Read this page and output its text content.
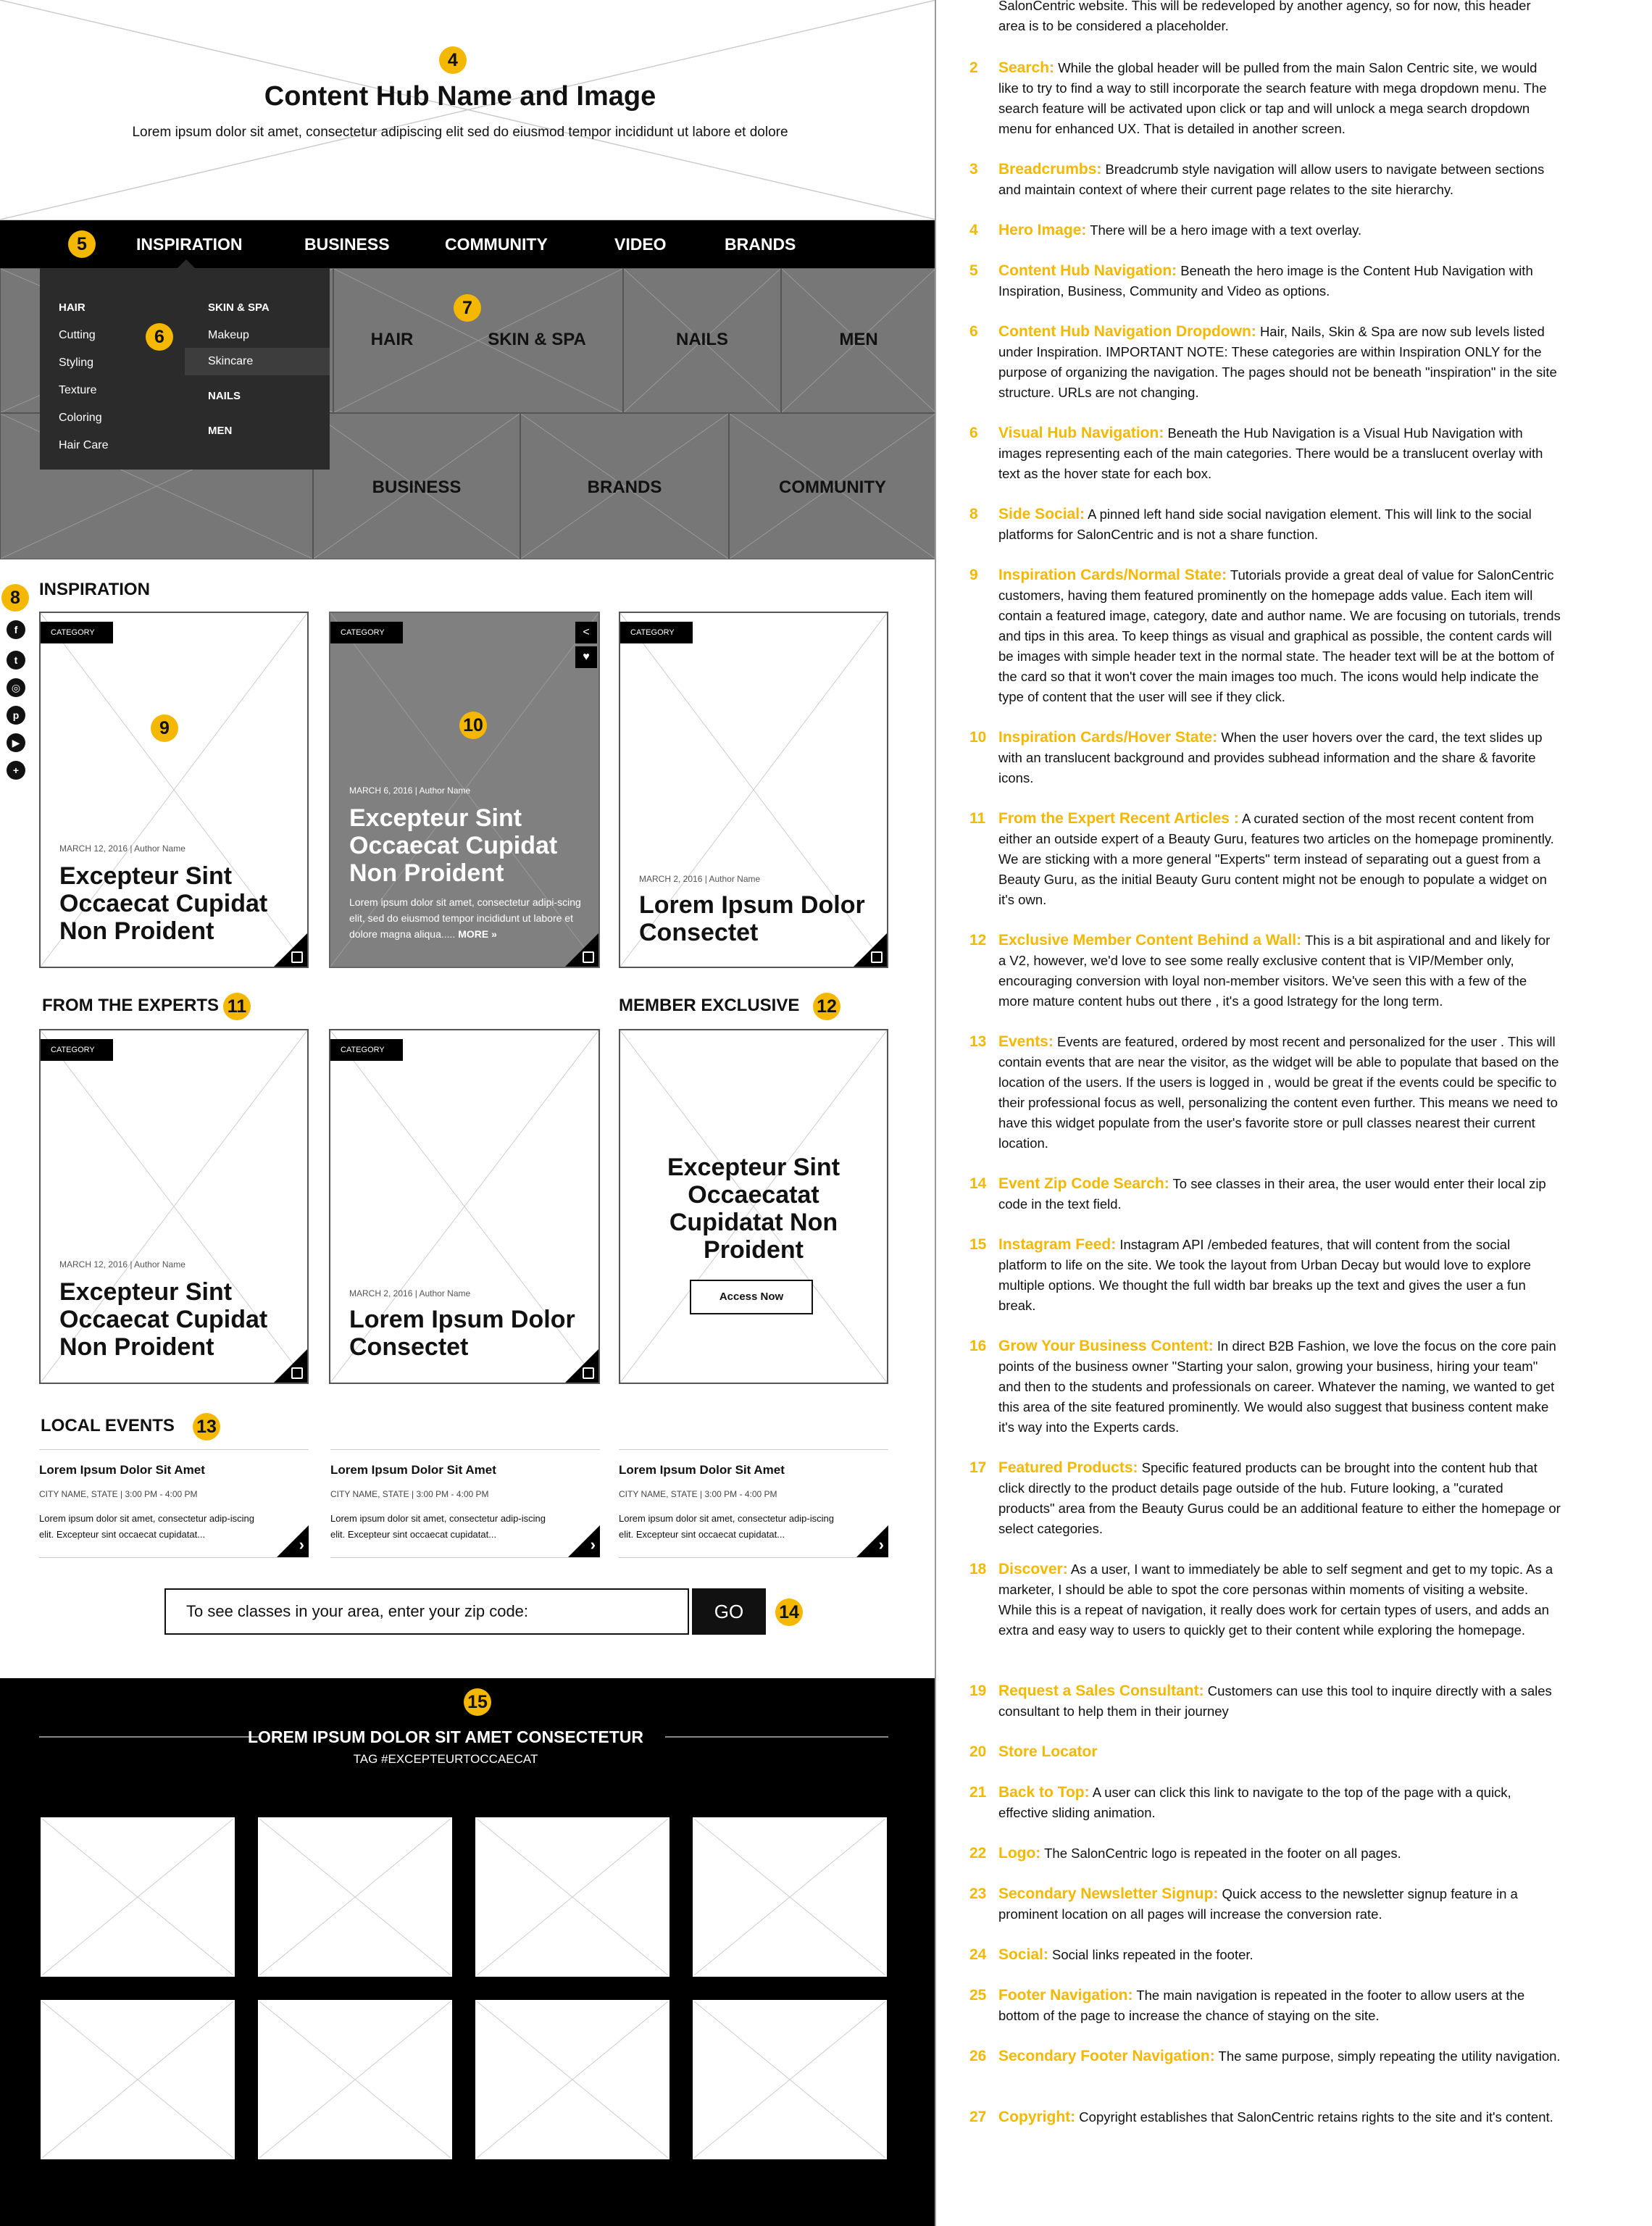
4
Content Hub Name and Image
Lorem ipsum dolor sit amet, consectetur adipiscing elit sed do eiusmod tempor incididunt ut labore et dolore
5	INSPIRATION	BUSINESS	COMMUNITY	VIDEO	BRANDS
HAIR	SKIN & SPA	NAILS	MEN
BUSINESS	BRANDS	COMMUNITY
7
HAIR
Cutting
Styling
Texture
Coloring
Hair Care
6
SKIN & SPA
Makeup
Skincare
NAILS
MEN
8
f
t
◎
p
▶
+
INSPIRATION
CATEGORY
9
MARCH 12, 2016 | Author Name
Excepteur Sint Occaecat Cupidat Non Proident
CATEGORY	<
♥
10
MARCH 6, 2016 | Author Name
Excepteur Sint Occaecat Cupidat Non Proident
Lorem ipsum dolor sit amet, consectetur adipi-scing elit, sed do eiusmod tempor incididunt ut labore et dolore magna aliqua..... MORE »
CATEGORY
MARCH 2, 2016 | Author Name
Lorem Ipsum Dolor Consectet
FROM THE EXPERTS 11	MEMBER EXCLUSIVE 12
CATEGORY
MARCH 12, 2016 | Author Name
Excepteur Sint Occaecat Cupidat Non Proident
CATEGORY
MARCH 2, 2016 | Author Name
Lorem Ipsum Dolor Consectet
Excepteur Sint Occaecatat Cupidatat Non Proident
Access Now
LOCAL EVENTS 13
Lorem Ipsum Dolor Sit Amet
CITY NAME, STATE | 3:00 PM - 4:00 PM
Lorem ipsum dolor sit amet, consectetur adip-iscing elit. Excepteur sint occaecat cupidatat...
›
Lorem Ipsum Dolor Sit Amet
CITY NAME, STATE | 3:00 PM - 4:00 PM
Lorem ipsum dolor sit amet, consectetur adip-iscing elit. Excepteur sint occaecat cupidatat...
›
Lorem Ipsum Dolor Sit Amet
CITY NAME, STATE | 3:00 PM - 4:00 PM
Lorem ipsum dolor sit amet, consectetur adip-iscing elit. Excepteur sint occaecat cupidatat...
›
To see classes in your area, enter your zip code:	GO	14
15
LOREM IPSUM DOLOR SIT AMET CONSECTETUR
TAG #EXCEPTEURTOCCAECAT
SalonCentric website. This will be redeveloped by another agency, so for now, this header area is to be considered a placeholder.
2	Search: While the global header will be pulled from the main Salon Centric site, we would like to try to find a way to still incorporate the search feature with mega dropdown menu. The search feature will be activated upon click or tap and will unlock a mega search dropdown menu for enhanced UX. That is detailed in another screen.
3	Breadcrumbs: Breadcrumb style navigation will allow users to navigate between sections and maintain context of where their current page relates to the site hierarchy.
4	Hero Image: There will be a hero image with a text overlay.
5	Content Hub Navigation: Beneath the hero image is the Content Hub Navigation with Inspiration, Business, Community and Video as options.
6	Content Hub Navigation Dropdown: Hair, Nails, Skin & Spa are now sub levels listed under Inspiration. IMPORTANT NOTE: These categories are within Inspiration ONLY for the purpose of organizing the navigation. The pages should not be beneath "inspiration" in the site structure. URLs are not changing.
6	Visual Hub Navigation: Beneath the Hub Navigation is a Visual Hub Navigation with images representing each of the main categories. There would be a translucent overlay with text as the hover state for each box.
8	Side Social: A pinned left hand side social navigation element. This will link to the social platforms for SalonCentric and is not a share function.
9	Inspiration Cards/Normal State: Tutorials provide a great deal of value for SalonCentric customers, having them featured prominently on the homepage adds value. Each item will contain a featured image, category, date and author name. We are focusing on tutorials, trends and tips in this area. To keep things as visual and graphical as possible, the content cards will be images with simple header text in the normal state. The header text will be at the bottom of the card so that it won't cover the main images too much. The icons would help indicate the type of content that the user will see if they click.
10 Inspiration Cards/Hover State: When the user hovers over the card, the text slides up with an translucent background and provides subhead information and the share & favorite icons.
11 From the Expert Recent Articles : A curated section of the most recent content from either an outside expert of a Beauty Guru, features two articles on the homepage prominently. We are sticking with a more general "Experts" term instead of separating out a guest from a Beauty Guru, as the initial Beauty Guru content might not be enough to populate a widget on it's own.
12 Exclusive Member Content Behind a Wall: This is a bit aspirational and and likely for a V2, however, we'd love to see some really exclusive content that is VIP/Member only, encouraging conversion with loyal non-member visitors. We've seen this with a few of the more mature content hubs out there , it's a good lstrategy for the long term.
13 Events: Events are featured, ordered by most recent and personalized for the user . This will contain events that are near the visitor, as the widget will be able to populate that based on the location of the users. If the users is logged in , would be great if the events could be specific to their professional focus as well, personalizing the content even further. This means we need to have this widget populate from the user's favorite store or pull classes nearest their current location.
14 Event Zip Code Search: To see classes in their area, the user would enter their local zip code in the text field.
15 Instagram Feed: Instagram API /embeded features, that will content from the social platform to life on the site. We took the layout from Urban Decay but would love to explore multiple options. We thought the full width bar breaks up the text and gives the user a fun break.
16 Grow Your Business Content: In direct B2B Fashion, we love the focus on the core pain points of the business owner "Starting your salon, growing your business, hiring your team" and then to the students and professionals on career. Whatever the naming, we wanted to get this area of the site featured prominently. We would also suggest that business content make it's way into the Experts cards.
17 Featured Products: Specific featured products can be brought into the content hub that click directly to the product details page outside of the hub. Future looking, a "curated products" area from the Beauty Gurus could be an additional feature to either the homepage or select categories.
18 Discover: As a user, I want to immediately be able to self segment and get to my topic. As a marketer, I should be able to spot the core personas within moments of visiting a website. While this is a repeat of navigation, it really does work for certain types of users, and adds an extra and easy way to users to quickly get to their content while exploring the homepage.
19 Request a Sales Consultant: Customers can use this tool to inquire directly with a sales consultant to help them in their journey
20 Store Locator
21 Back to Top: A user can click this link to navigate to the top of the page with a quick, effective sliding animation.
22 Logo: The SalonCentric logo is repeated in the footer on all pages.
23 Secondary Newsletter Signup: Quick access to the newsletter signup feature in a prominent location on all pages will increase the conversion rate.
24 Social: Social links repeated in the footer.
25 Footer Navigation: The main navigation is repeated in the footer to allow users at the bottom of the page to increase the chance of staying on the site.
26 Secondary Footer Navigation: The same purpose, simply repeating the utility navigation.
27 Copyright: Copyright establishes that SalonCentric retains rights to the site and it's content.
